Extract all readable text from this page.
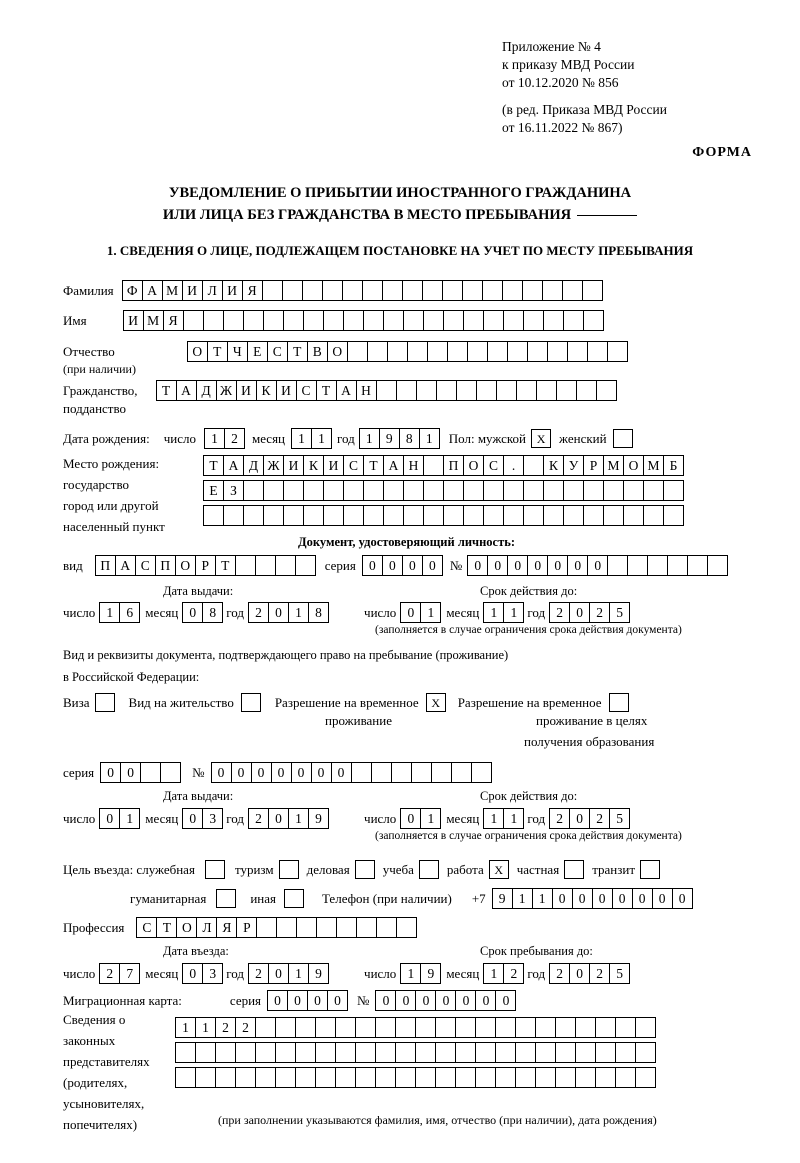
Приложение № 4
к приказу МВД России
от 10.12.2020 № 856
(в ред. Приказа МВД России
от 16.11.2022 № 867)
ФОРМА
УВЕДОМЛЕНИЕ О ПРИБЫТИИ ИНОСТРАННОГО ГРАЖДАНИНА
ИЛИ ЛИЦА БЕЗ ГРАЖДАНСТВА В МЕСТО ПРЕБЫВАНИЯ
1. СВЕДЕНИЯ О ЛИЦЕ, ПОДЛЕЖАЩЕМ ПОСТАНОВКЕ НА УЧЕТ ПО МЕСТУ ПРЕБЫВАНИЯ
Фамилия Ф А М И Л И Я
Имя	И М Я
Отчество	О Т Ч Е С Т В О
(при наличии)
Гражданство,	Т А Д Ж И К И С Т А Н
подданство
Дата рождения: число	1 2	месяц 1 1 год 1 9 8 1	Пол: мужской X	женский
Место рождения:
государство
город или другой
населенный пункт
Т А Д Ж И К И С Т А Н	П О С	.	К У Р М О М Б
Е З
Документ, удостоверяющий личность:
вид	П А С П О Р Т	серия 0 0 0 0	№ 0 0 0 0 0 0 0
Дата выдачи:	Срок действия до:
число 1 6 месяц 0 8 год 2 0 1 8	число 0 1 месяц 1 1 год 2 0 2 5
(заполняется в случае ограничения срока действия документа)
Вид и реквизиты документа, подтверждающего право на пребывание (проживание)
в Российской Федерации:
Виза	Вид на жительство	Разрешение на временное	X	Разрешение на временное
проживание	проживание в целях
получения образования
серия 0 0	№ 0 0 0 0 0 0 0
Дата выдачи:	Срок действия до:
число 0 1 месяц 0 3 год 2 0 1 9	число 0 1 месяц 1 1 год 2 0 2 5
(заполняется в случае ограничения срока действия документа)
Цель въезда: служебная	туризм	деловая	учеба	работа X	частная	транзит
гуманитарная	иная	Телефон (при наличии) +7 9 1 1 0 0 0 0 0 0 0
Профессия	С Т О Л Я Р
Дата въезда:	Срок пребывания до:
число 2 7 месяц 0 3 год 2 0 1 9	число 1 9 месяц 1 2 год 2 0 2 5
Миграционная карта:	серия 0 0 0 0	№ 0 0 0 0 0 0 0
Сведения о
законных
представителях
(родителях,
усыновителях,
попечителях)
1 1 2 2
(при заполнении указываются фамилия, имя, отчество (при наличии), дата рождения)
